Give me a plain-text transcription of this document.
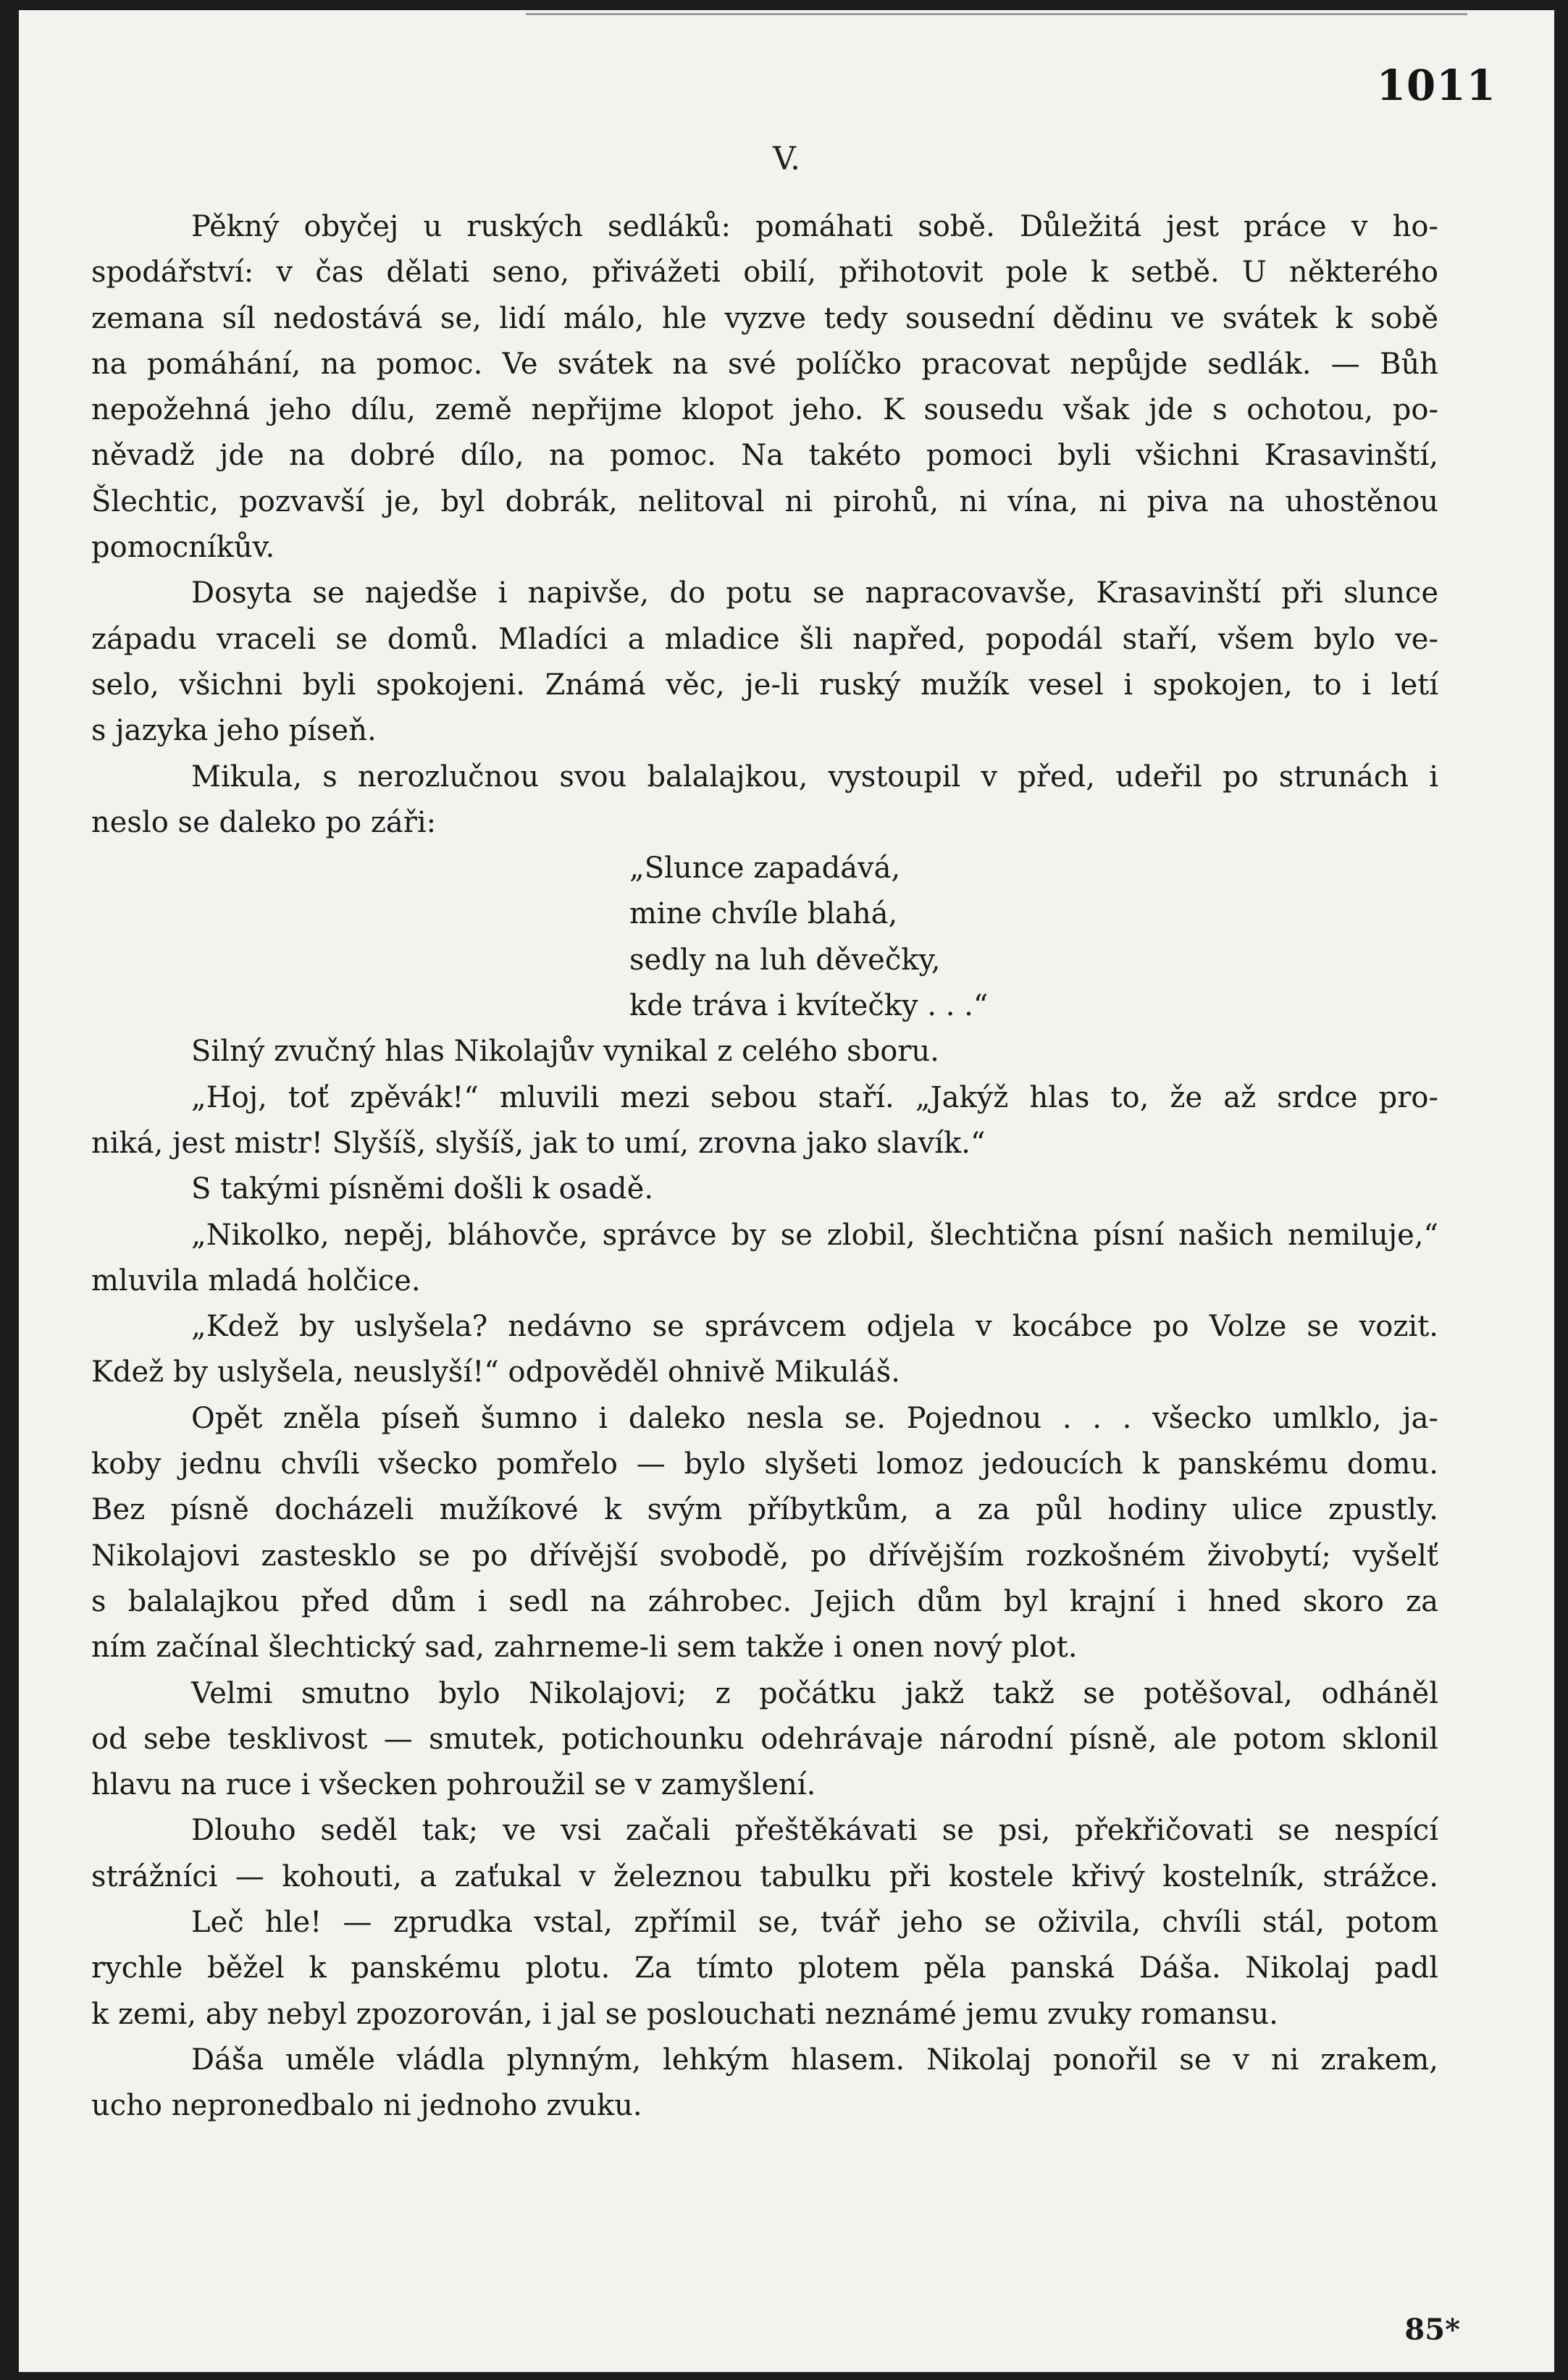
1011
V.
Pěkný obyčej u ruských sedláků: pomáhati sobě. Důležitá jest práce v ho-
spodářství: v čas dělati seno, přivážeti obilí, přihotovit pole k setbě. U některého
zemana síl nedostává se, lidí málo, hle vyzve tedy sousední dědinu ve svátek k sobě
na pomáhání, na pomoc. Ve svátek na své políčko pracovat nepůjde sedlák. — Bůh
nepožehná jeho dílu, země nepřijme klopot jeho. K sousedu však jde s ochotou, po-
něvadž jde na dobré dílo, na pomoc. Na takéto pomoci byli všichni Krasavinští,
Šlechtic, pozvavší je, byl dobrák, nelitoval ni pirohů, ni vína, ni piva na uhostěnou
pomocníkův.
Dosyta se najedše i napivše, do potu se napracovavše, Krasavinští při slunce
západu vraceli se domů. Mladíci a mladice šli napřed, popodál staří, všem bylo ve-
selo, všichni byli spokojeni. Známá věc, je-li ruský mužík vesel i spokojen, to i letí
s jazyka jeho píseň.
Mikula, s nerozlučnou svou balalajkou, vystoupil v před, udeřil po strunách i
neslo se daleko po záři:
„Slunce zapadává,
mine chvíle blahá,
sedly na luh děvečky,
kde tráva i kvítečky . . .“
Silný zvučný hlas Nikolajův vynikal z celého sboru.
„Hoj, toť zpěvák!“ mluvili mezi sebou staří. „Jakýž hlas to, že až srdce pro-
niká, jest mistr! Slyšíš, slyšíš, jak to umí, zrovna jako slavík.“
S takými písněmi došli k osadě.
„Nikolko, nepěj, bláhovče, správce by se zlobil, šlechtična písní našich nemiluje,“
mluvila mladá holčice.
„Kdež by uslyšela? nedávno se správcem odjela v kocábce po Volze se vozit.
Kdež by uslyšela, neuslyší!“ odpověděl ohnivě Mikuláš.
Opět zněla píseň šumno i daleko nesla se. Pojednou . . . všecko umlklo, ja-
koby jednu chvíli všecko pomřelo — bylo slyšeti lomoz jedoucích k panskému domu.
Bez písně docházeli mužíkové k svým příbytkům, a za půl hodiny ulice zpustly.
Nikolajovi zastesklo se po dřívější svobodě, po dřívějším rozkošném živobytí; vyšelť
s balalajkou před dům i sedl na záhrobec. Jejich dům byl krajní i hned skoro za
ním začínal šlechtický sad, zahrneme-li sem takže i onen nový plot.
Velmi smutno bylo Nikolajovi; z počátku jakž takž se potěšoval, odháněl
od sebe tesklivost — smutek, potichounku odehrávaje národní písně, ale potom sklonil
hlavu na ruce i všecken pohroužil se v zamyšlení.
Dlouho seděl tak; ve vsi začali přeštěkávati se psi, překřičovati se nespící
strážníci — kohouti, a zaťukal v železnou tabulku při kostele křivý kostelník, strážce.
Leč hle! — zprudka vstal, zpřímil se, tvář jeho se oživila, chvíli stál, potom
rychle běžel k panskému plotu. Za tímto plotem pěla panská Dáša. Nikolaj padl
k zemi, aby nebyl zpozorován, i jal se poslouchati neznámé jemu zvuky romansu.
Dáša uměle vládla plynným, lehkým hlasem. Nikolaj ponořil se v ni zrakem,
ucho nepronedbalo ni jednoho zvuku.
85*
